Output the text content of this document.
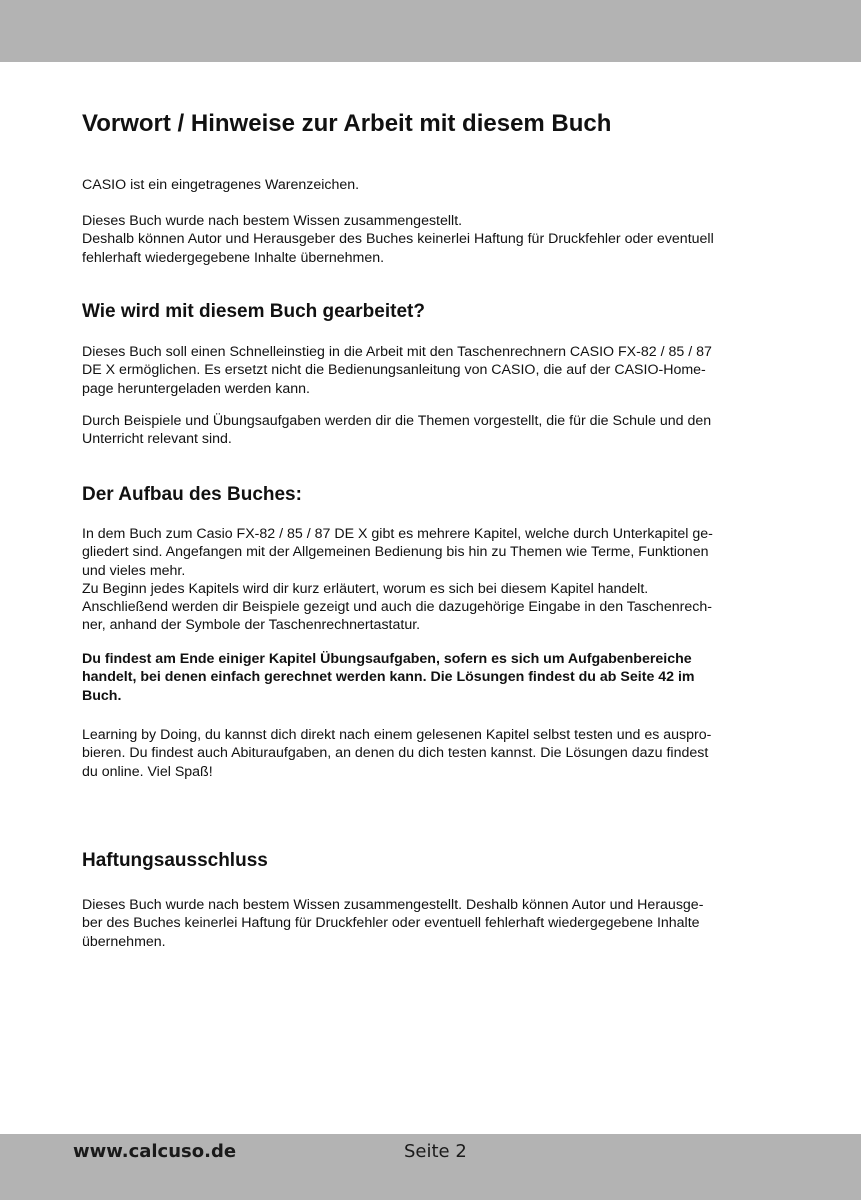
Vorwort / Hinweise zur Arbeit mit diesem Buch
CASIO ist ein eingetragenes Warenzeichen.
Dieses Buch wurde nach bestem Wissen zusammengestellt.
Deshalb können Autor und Herausgeber des Buches keinerlei Haftung für Druckfehler oder eventuell
fehlerhaft wiedergegebene Inhalte übernehmen.
Wie wird mit diesem Buch gearbeitet?
Dieses Buch soll einen Schnelleinstieg in die Arbeit mit den Taschenrechnern CASIO FX-82 / 85 / 87
DE X ermöglichen. Es ersetzt nicht die Bedienungsanleitung von CASIO, die auf der CASIO-Home-
page heruntergeladen werden kann.
Durch Beispiele und Übungsaufgaben werden dir die Themen vorgestellt, die für die Schule und den
Unterricht relevant sind.
Der Aufbau des Buches:
In dem Buch zum Casio FX-82 / 85 / 87 DE X gibt es mehrere Kapitel, welche durch Unterkapitel ge-
gliedert sind. Angefangen mit der Allgemeinen Bedienung bis hin zu Themen wie Terme, Funktionen
und vieles mehr.
Zu Beginn jedes Kapitels wird dir kurz erläutert, worum es sich bei diesem Kapitel handelt.
Anschließend werden dir Beispiele gezeigt und auch die dazugehörige Eingabe in den Taschenrech-
ner, anhand der Symbole der Taschenrechnertastatur.
Du findest am Ende einiger Kapitel Übungsaufgaben, sofern es sich um Aufgabenbereiche
handelt, bei denen einfach gerechnet werden kann. Die Lösungen findest du ab Seite 42 im
Buch.
Learning by Doing, du kannst dich direkt nach einem gelesenen Kapitel selbst testen und es auspro-
bieren. Du findest auch Abituraufgaben, an denen du dich testen kannst. Die Lösungen dazu findest
du online. Viel Spaß!
Haftungsausschluss
Dieses Buch wurde nach bestem Wissen zusammengestellt. Deshalb können Autor und Herausge-
ber des Buches keinerlei Haftung für Druckfehler oder eventuell fehlerhaft wiedergegebene Inhalte
übernehmen.
www.calcuso.de	Seite 2
